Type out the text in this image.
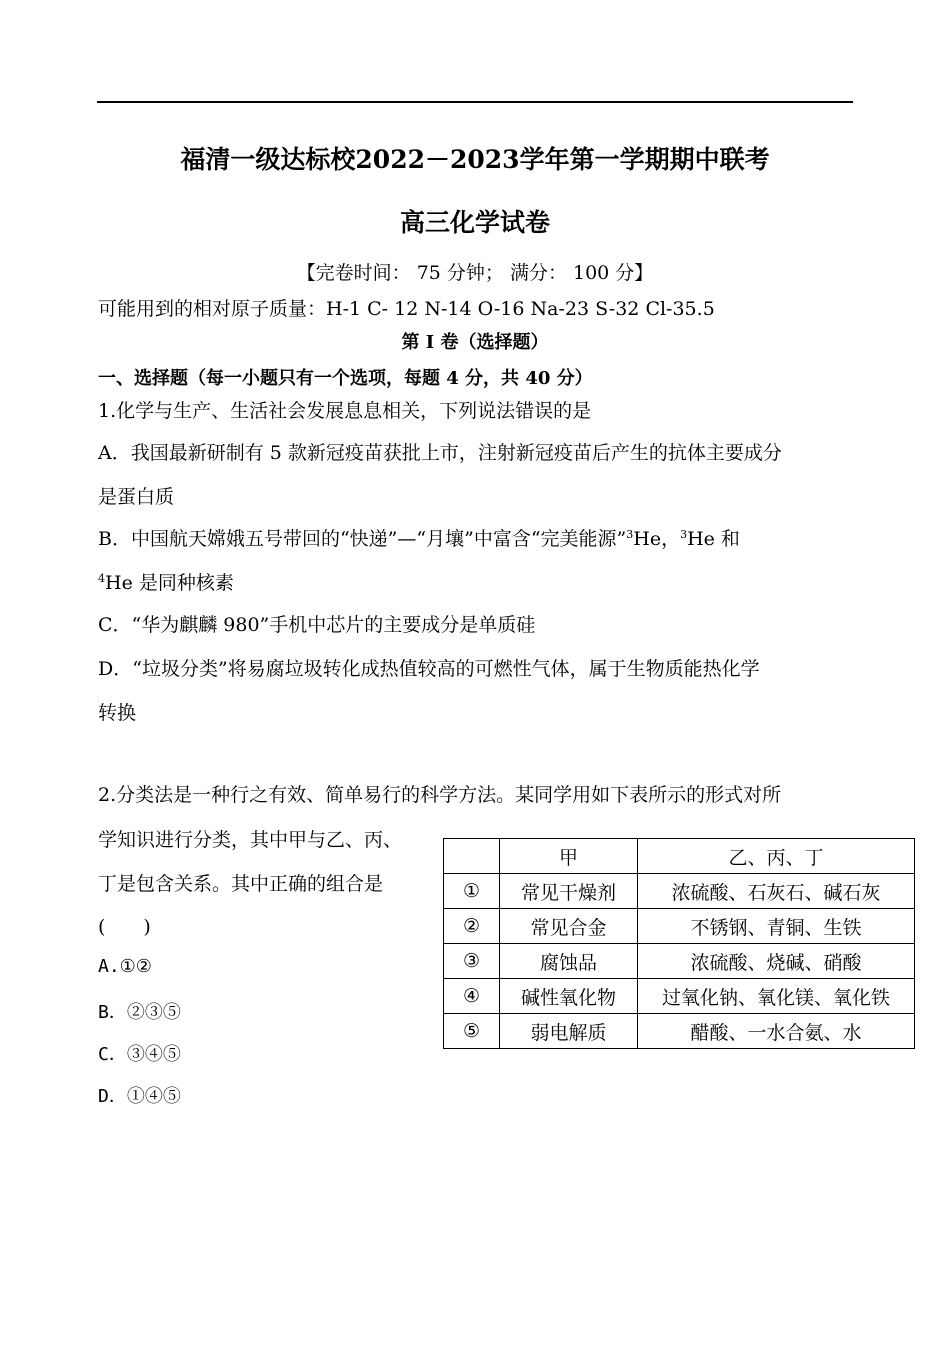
福清一级达标校2022－2023学年第一学期期中联考
高三化学试卷
【完卷时间： 75 分钟； 满分： 100 分】
可能用到的相对原子质量：H-1 C- 12 N-14 O-16 Na-23 S-32 Cl-35.5
第 I 卷（选择题）
一、选择题（每一小题只有一个选项，每题 4 分，共 40 分）
1.化学与生产、生活社会发展息息相关，下列说法错误的是
A．我国最新研制有 5 款新冠疫苗获批上市，注射新冠疫苗后产生的抗体主要成分
是蛋白质
B．中国航天嫦娥五号带回的“快递”—“月壤”中富含“完美能源”$^3$He，$^3$He 和
$^4$He 是同种核素
C．“华为麒麟 980”手机中芯片的主要成分是单质硅
D．“垃圾分类”将易腐垃圾转化成热值较高的可燃性气体，属于生物质能热化学
转换
2.分类法是一种行之有效、简单易行的科学方法。某同学用如下表所示的形式对所
学知识进行分类，其中甲与乙、丙、
丁是包含关系。其中正确的组合是
(　　)
A.①②
B．②③⑤
C．③④⑤
D．①④⑤
	甲	乙、丙、丁
①	常见干燥剂	浓硫酸、石灰石、碱石灰
②	常见合金	不锈钢、青铜、生铁
③	腐蚀品	浓硫酸、烧碱、硝酸
④	碱性氧化物	过氧化钠、氧化镁、氧化铁
⑤	弱电解质	醋酸、一水合氨、水
